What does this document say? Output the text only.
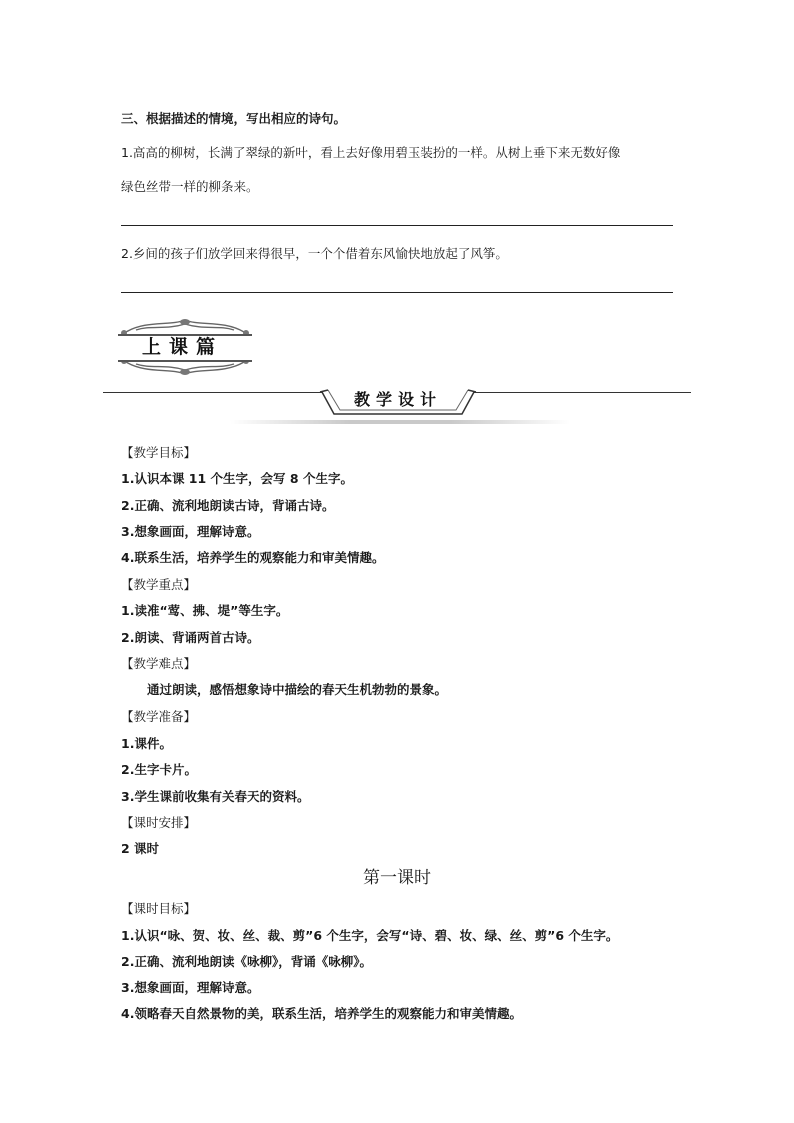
三、根据描述的情境，写出相应的诗句。
1.高高的柳树，长满了翠绿的新叶，看上去好像用碧玉装扮的一样。从树上垂下来无数好像
绿色丝带一样的柳条来。
2.乡间的孩子们放学回来得很早，一个个借着东风愉快地放起了风筝。
上课篇
教学设计
【教学目标】
1.认识本课 11 个生字，会写 8 个生字。
2.正确、流利地朗读古诗，背诵古诗。
3.想象画面，理解诗意。
4.联系生活，培养学生的观察能力和审美情趣。
【教学重点】
1.读准“莺、拂、堤”等生字。
2.朗读、背诵两首古诗。
【教学难点】
通过朗读，感悟想象诗中描绘的春天生机勃勃的景象。
【教学准备】
1.课件。
2.生字卡片。
3.学生课前收集有关春天的资料。
【课时安排】
2 课时
第一课时
【课时目标】
1.认识“咏、贺、妆、丝、裁、剪”6 个生字，会写“诗、碧、妆、绿、丝、剪”6 个生字。
2.正确、流利地朗读《咏柳》，背诵《咏柳》。
3.想象画面，理解诗意。
4.领略春天自然景物的美，联系生活，培养学生的观察能力和审美情趣。
